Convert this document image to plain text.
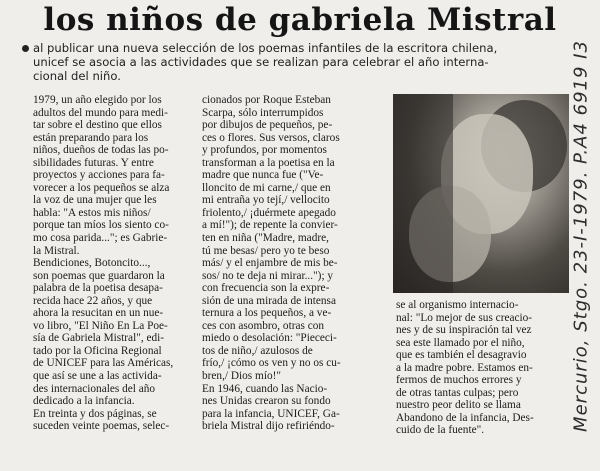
los niños de gabriela Mistral
al publicar una nueva selección de los poemas infantiles de la escritora chilena,
unicef se asocia a las actividades que se realizan para celebrar el año interna-
cional del niño.
1979, un año elegido por los
adultos del mundo para medi-
tar sobre el destino que ellos
están preparando para los
niños, dueños de todas las po-
sibilidades futuras. Y entre
proyectos y acciones para fa-
vorecer a los pequeños se alza
la voz de una mujer que les
habla: "A estos mis niños/
porque tan míos los siento co-
mo cosa parida..."; es Gabrie-
la Mistral.
Bendiciones, Botoncito...,
son poemas que guardaron la
palabra de la poetisa desapa-
recida hace 22 años, y que
ahora la resucitan en un nue-
vo libro, "El Niño En La Poe-
sía de Gabriela Mistral", edi-
tado por la Oficina Regional
de UNICEF para las Américas,
que así se une a las activida-
des internacionales del año
dedicado a la infancia.
En treinta y dos páginas, se
suceden veinte poemas, selec-
cionados por Roque Esteban
Scarpa, sólo interrumpidos
por dibujos de pequeños, pe-
ces o flores. Sus versos, claros
y profundos, por momentos
transforman a la poetisa en la
madre que nunca fue ("Ve-
lloncito de mi carne,/ que en
mi entraña yo tejí,/ vellocito
friolento,/ ¡duérmete apegado
a mí!"); de repente la convier-
ten en niña ("Madre, madre,
tú me besas/ pero yo te beso
más/ y el enjambre de mis be-
sos/ no te deja ni mirar..."); y
con frecuencia son la expre-
sión de una mirada de intensa
ternura a los pequeños, a ve-
ces con asombro, otras con
miedo o desolación: "Piececi-
tos de niño,/ azulosos de
frío,/ ¡cómo os ven y no os cu-
bren,/ Dios mío!"
En 1946, cuando las Nacio-
nes Unidas crearon su fondo
para la infancia, UNICEF, Ga-
briela Mistral dijo refiriéndo-
se al organismo internacio-
nal: "Lo mejor de sus creacio-
nes y de su inspiración tal vez
sea este llamado por el niño,
que es también el desagravio
a la madre pobre. Estamos en-
fermos de muchos errores y
de otras tantas culpas; pero
nuestro peor delito se llama
Abandono de la infancia, Des-
cuido de la fuente".	Mercurio, Stgo. 23-I-1979. P.A4 6919 I3
